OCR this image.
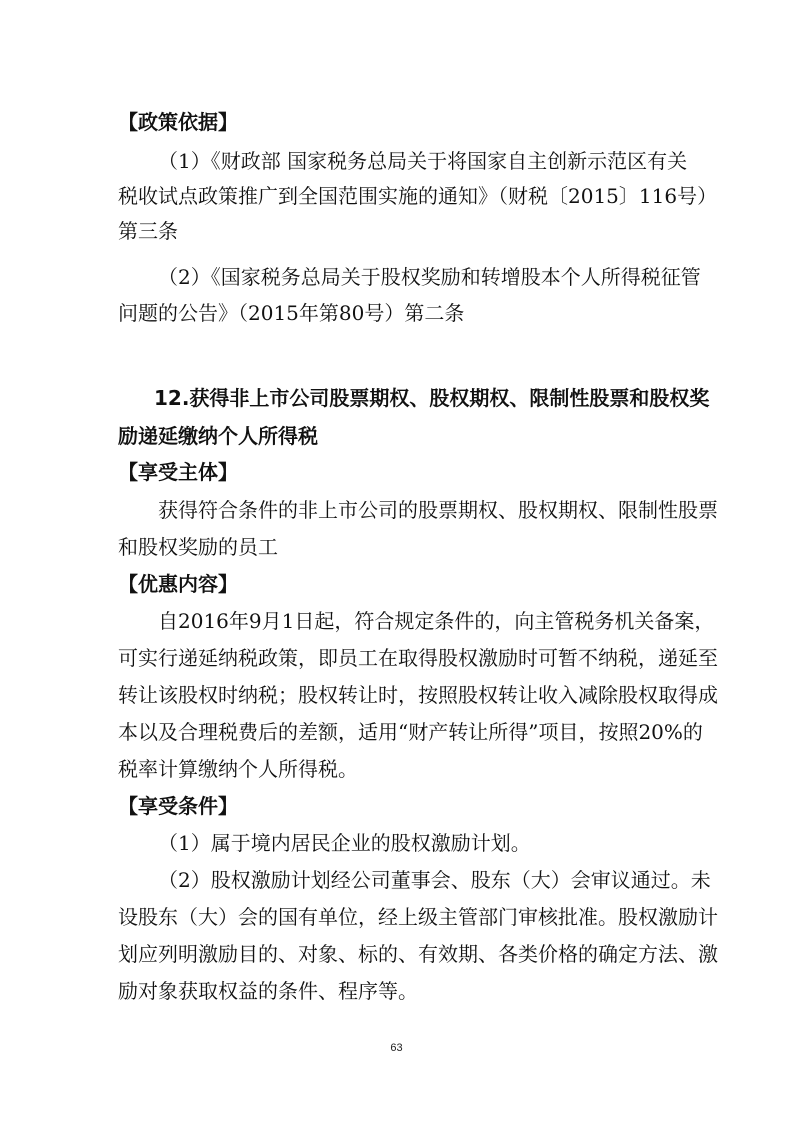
【政策依据】
（1）《财政部 国家税务总局关于将国家自主创新示范区有关
税收试点政策推广到全国范围实施的通知》（财税〔2015〕116号）
第三条
（2）《国家税务总局关于股权奖励和转增股本个人所得税征管
问题的公告》（2015年第80号）第二条
12.获得非上市公司股票期权、股权期权、限制性股票和股权奖
励递延缴纳个人所得税
【享受主体】
获得符合条件的非上市公司的股票期权、股权期权、限制性股票
和股权奖励的员工
【优惠内容】
自2016年9月1日起，符合规定条件的，向主管税务机关备案，
可实行递延纳税政策，即员工在取得股权激励时可暂不纳税，递延至
转让该股权时纳税；股权转让时，按照股权转让收入减除股权取得成
本以及合理税费后的差额，适用“财产转让所得”项目，按照20%的
税率计算缴纳个人所得税。
【享受条件】
（1）属于境内居民企业的股权激励计划。
（2）股权激励计划经公司董事会、股东（大）会审议通过。未
设股东（大）会的国有单位，经上级主管部门审核批准。股权激励计
划应列明激励目的、对象、标的、有效期、各类价格的确定方法、激
励对象获取权益的条件、程序等。
63
